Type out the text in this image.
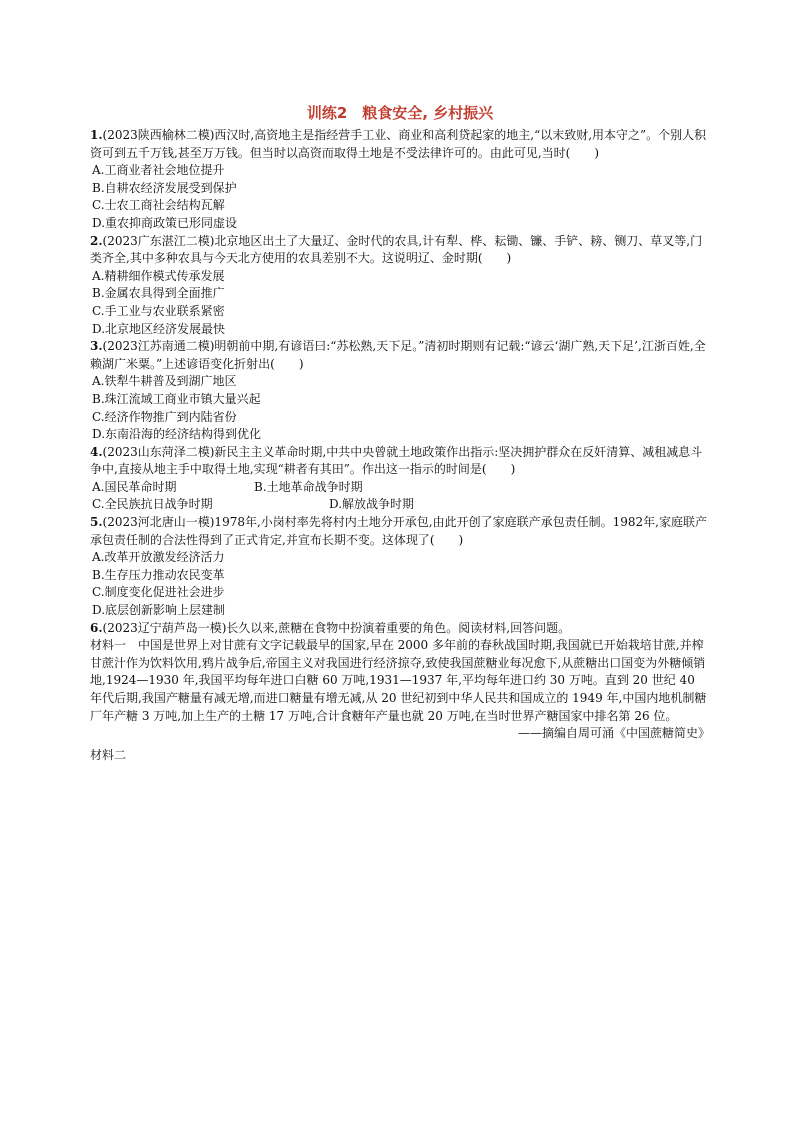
训练2　粮食安全, 乡村振兴

1.(2023陕西榆林二模)西汉时,高资地主是指经营手工业、商业和高利贷起家的地主,“以末致财,用本守之”。个别人积资可到五千万钱,甚至万万钱。但当时以高资而取得土地是不受法律许可的。由此可见,当时(　　)

A.工商业者社会地位提升

B.自耕农经济发展受到保护

C.士农工商社会结构瓦解

D.重农抑商政策已形同虚设

2.(2023广东湛江二模)北京地区出土了大量辽、金时代的农具,计有犁、桦、耘锄、镰、手铲、耪、铡刀、草叉等,门类齐全,其中多种农具与今天北方使用的农具差别不大。这说明辽、金时期(　　)

A.精耕细作模式传承发展

B.金属农具得到全面推广

C.手工业与农业联系紧密

D.北京地区经济发展最快

3.(2023江苏南通二模)明朝前中期,有谚语曰:“苏松熟,天下足。”清初时期则有记载:“谚云‘湖广熟,天下足’,江浙百姓,全赖湖广米粟。”上述谚语变化折射出(　　)

A.铁犁牛耕普及到湖广地区

B.珠江流域工商业市镇大量兴起

C.经济作物推广到内陆省份

D.东南沿海的经济结构得到优化

4.(2023山东菏泽二模)新民主主义革命时期,中共中央曾就土地政策作出指示:坚决拥护群众在反奸清算、减租减息斗争中,直接从地主手中取得土地,实现“耕者有其田”。作出这一指示的时间是(　　)

A.国民革命时期	B.土地革命战争时期

C.全民族抗日战争时期	D.解放战争时期

5.(2023河北唐山一模)1978年,小岗村率先将村内土地分开承包,由此开创了家庭联产承包责任制。1982年,家庭联产承包责任制的合法性得到了正式肯定,并宣布长期不变。这体现了(　　)

A.改革开放激发经济活力

B.生存压力推动农民变革

C.制度变化促进社会进步

D.底层创新影响上层建制

6.(2023辽宁葫芦岛一模)长久以来,蔗糖在食物中扮演着重要的角色。阅读材料,回答问题。

材料一　中国是世界上对甘蔗有文字记载最早的国家,早在 2000 多年前的春秋战国时期,我国就已开始栽培甘蔗,并榨甘蔗汁作为饮料饮用,鸦片战争后,帝国主义对我国进行经济掠夺,致使我国蔗糖业每况愈下,从蔗糖出口国变为外糖倾销地,1924—1930 年,我国平均每年进口白糖 60 万吨,1931—1937 年,平均每年进口约 30 万吨。直到 20 世纪 40 年代后期,我国产糖量有减无增,而进口糖量有增无减,从 20 世纪初到中华人民共和国成立的 1949 年,中国内地机制糖厂年产糖 3 万吨,加上生产的土糖 17 万吨,合计食糖年产量也就 20 万吨,在当时世界产糖国家中排名第 26 位。

——摘编自周可涌《中国蔗糖简史》

材料二
